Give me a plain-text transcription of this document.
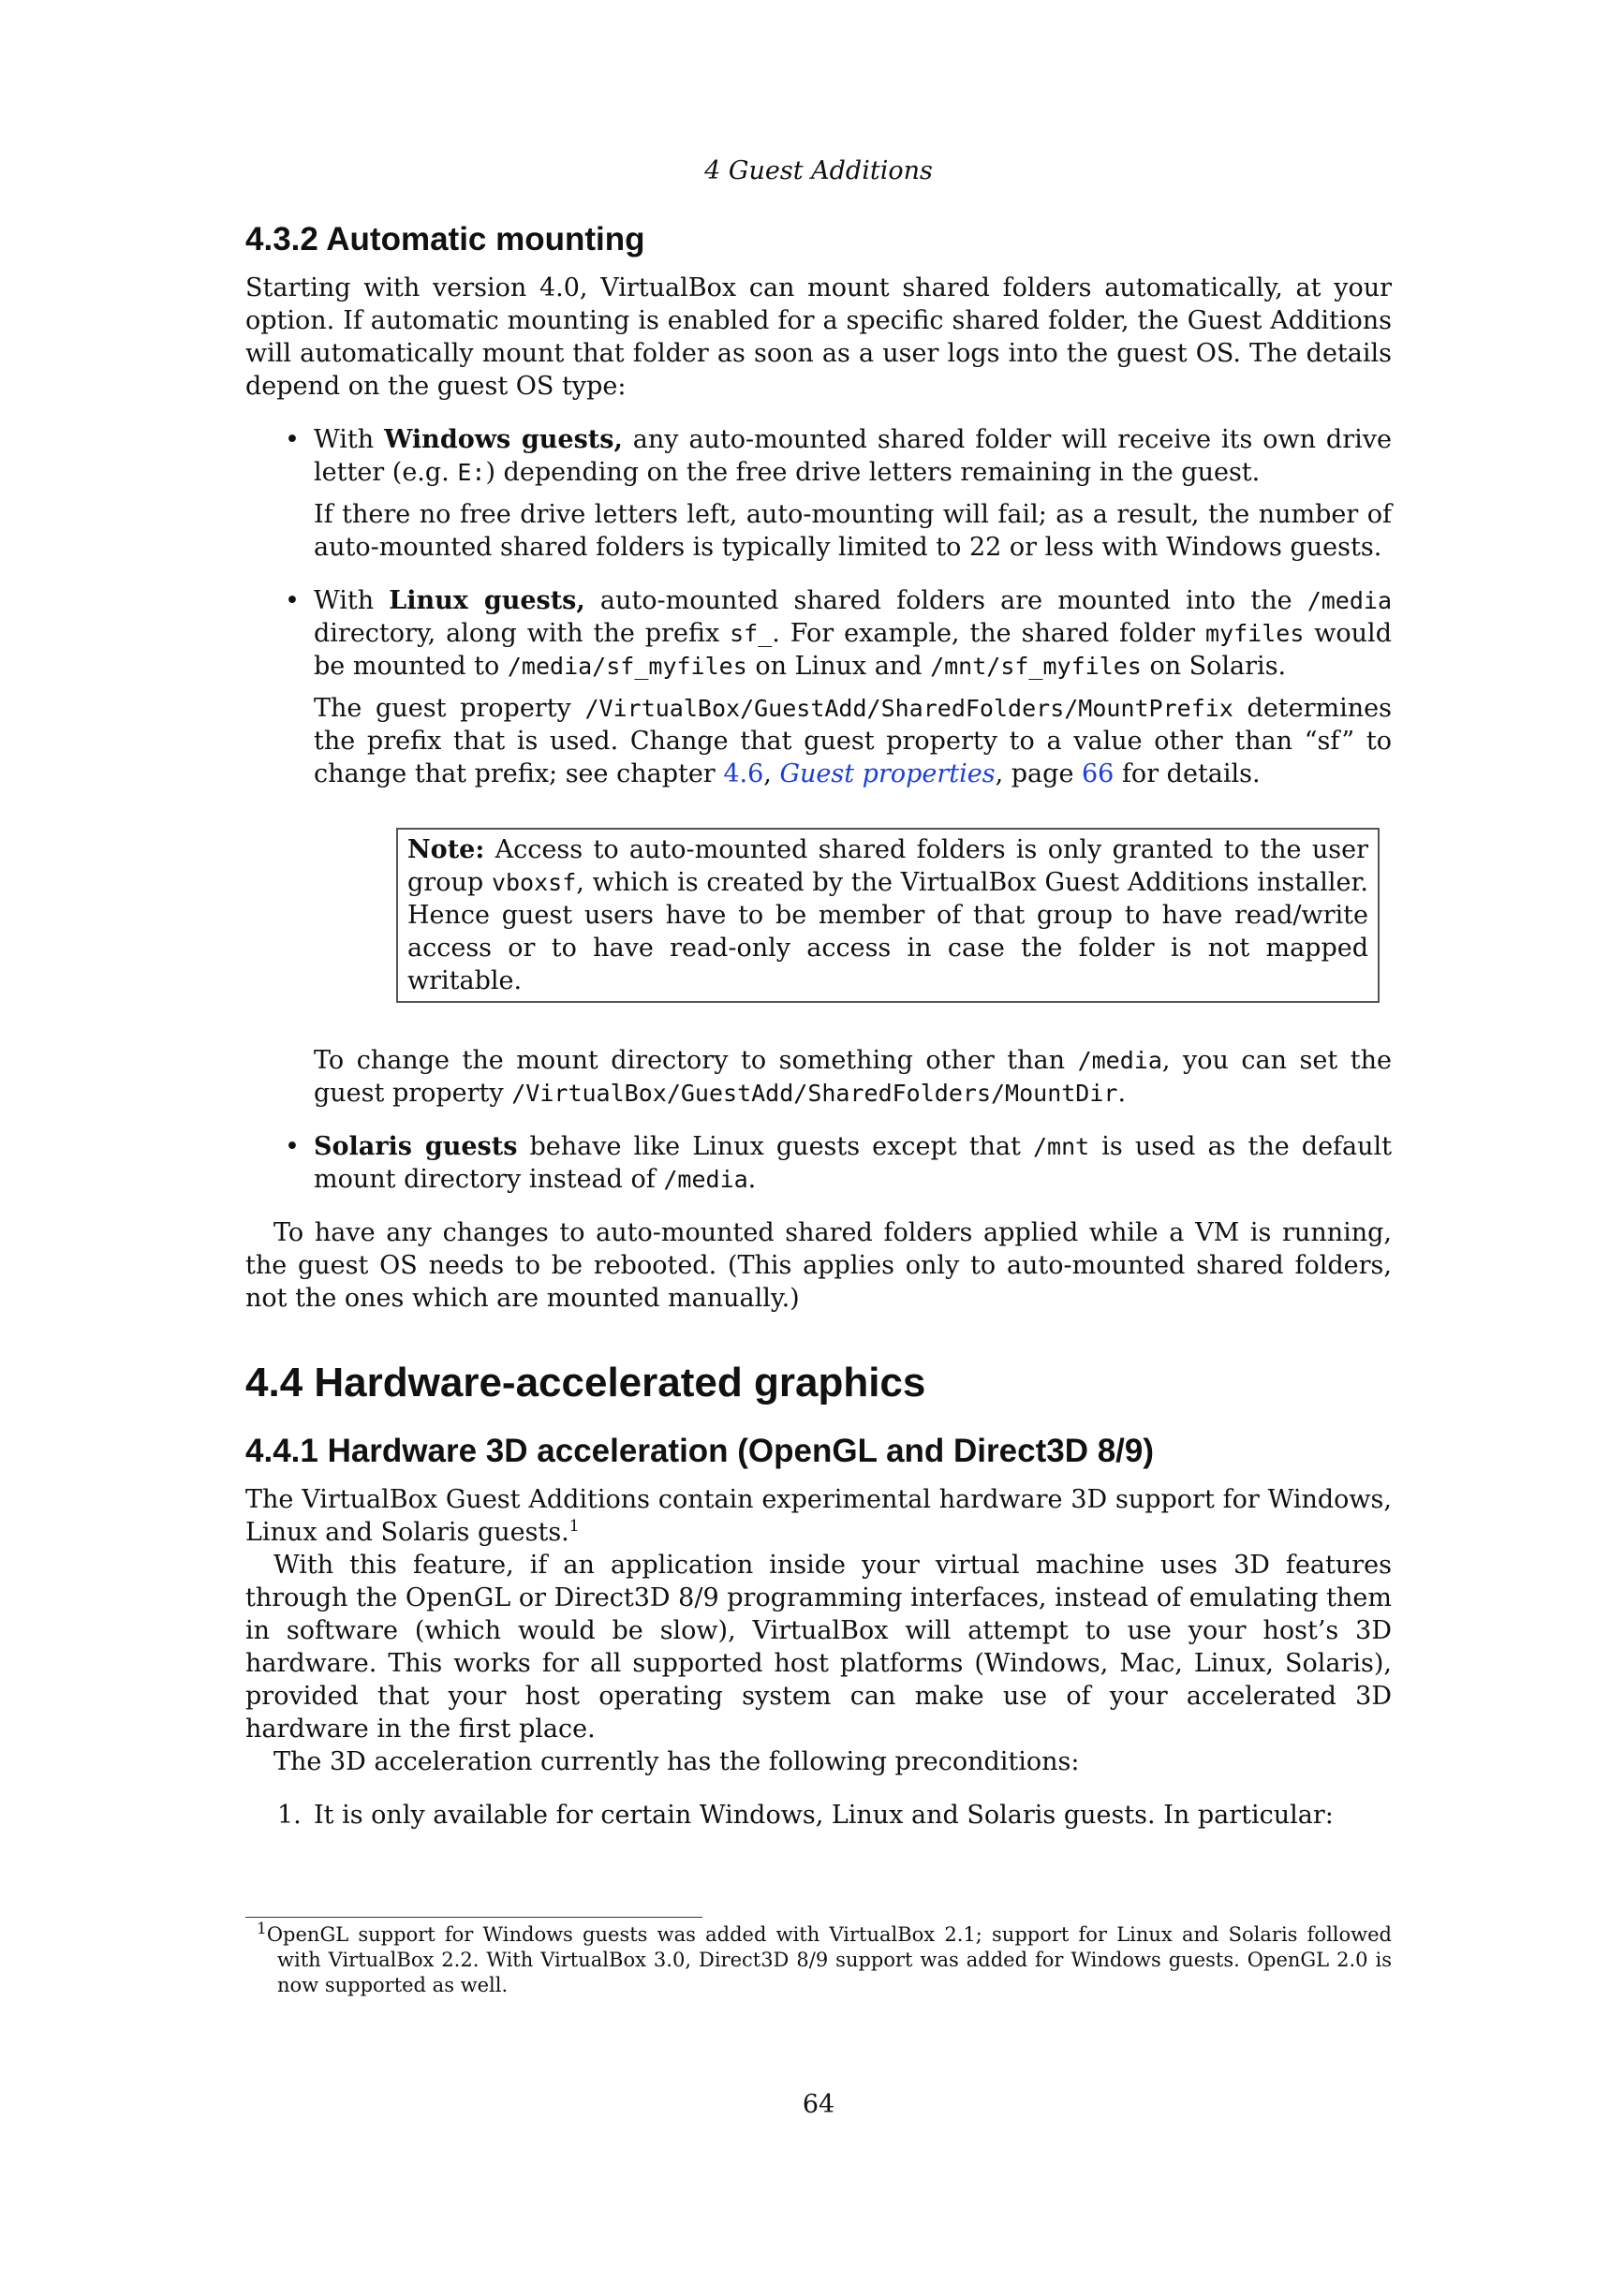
4 Guest Additions
4.3.2 Automatic mounting

Starting with version 4.0, VirtualBox can mount shared folders automatically, at your option. If automatic mounting is enabled for a specific shared folder, the Guest Additions will automatically mount that folder as soon as a user logs into the guest OS. The details depend on the guest OS type:

• With Windows guests, any auto-mounted shared folder will receive its own drive letter (e.g. E:) depending on the free drive letters remaining in the guest.

If there no free drive letters left, auto-mounting will fail; as a result, the number of auto-mounted shared folders is typically limited to 22 or less with Windows guests.

• With Linux guests, auto-mounted shared folders are mounted into the /media directory, along with the prefix sf_. For example, the shared folder myfiles would be mounted to /media/sf_myfiles on Linux and /mnt/sf_myfiles on Solaris.

The guest property /VirtualBox/GuestAdd/SharedFolders/MountPrefix determines the prefix that is used. Change that guest property to a value other than “sf” to change that prefix; see chapter 4.6, Guest properties, page 66 for details.

Note: Access to auto-mounted shared folders is only granted to the user group vboxsf, which is created by the VirtualBox Guest Additions installer. Hence guest users have to be member of that group to have read/write access or to have read-only access in case the folder is not mapped writable.

To change the mount directory to something other than /media, you can set the guest property /VirtualBox/GuestAdd/SharedFolders/MountDir.

• Solaris guests behave like Linux guests except that /mnt is used as the default mount directory instead of /media.

To have any changes to auto-mounted shared folders applied while a VM is running, the guest OS needs to be rebooted. (This applies only to auto-mounted shared folders, not the ones which are mounted manually.)

4.4 Hardware-accelerated graphics
4.4.1 Hardware 3D acceleration (OpenGL and Direct3D 8/9)

The VirtualBox Guest Additions contain experimental hardware 3D support for Windows, Linux and Solaris guests.$^1$

With this feature, if an application inside your virtual machine uses 3D features through the OpenGL or Direct3D 8/9 programming interfaces, instead of emulating them in software (which would be slow), VirtualBox will attempt to use your host’s 3D hardware. This works for all supported host platforms (Windows, Mac, Linux, Solaris), provided that your host operating system can make use of your accelerated 3D hardware in the first place.

The 3D acceleration currently has the following preconditions:

1. It is only available for certain Windows, Linux and Solaris guests. In particular:

$^1$OpenGL support for Windows guests was added with VirtualBox 2.1; support for Linux and Solaris followed with VirtualBox 2.2. With VirtualBox 3.0, Direct3D 8/9 support was added for Windows guests. OpenGL 2.0 is now supported as well.

64
